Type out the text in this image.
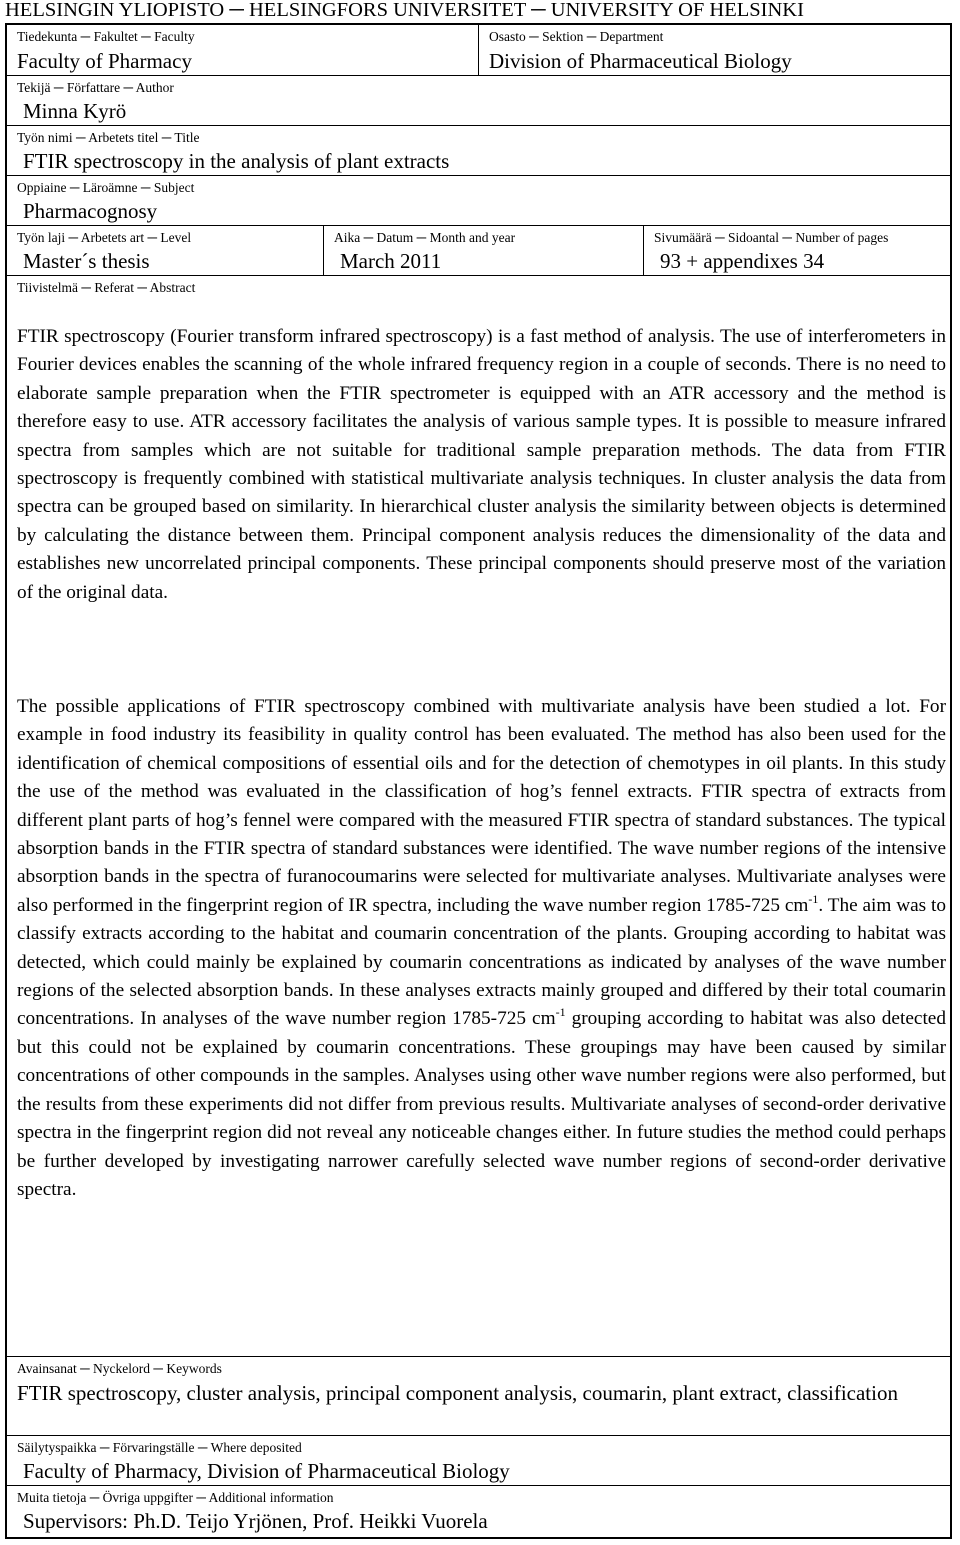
HELSINGIN YLIOPISTO ─ HELSINGFORS UNIVERSITET ─ UNIVERSITY OF HELSINKI
Tiedekunta ─ Fakultet ─ Faculty
Faculty of Pharmacy
Osasto ─ Sektion ─ Department
Division of Pharmaceutical Biology
Tekijä ─ Författare ─ Author
Minna Kyrö
Työn nimi ─ Arbetets titel ─ Title
FTIR spectroscopy in the analysis of plant extracts
Oppiaine ─ Läroämne ─ Subject
Pharmacognosy
Työn laji ─ Arbetets art ─ Level
Master´s thesis
Aika ─ Datum ─ Month and year
March 2011
Sivumäärä ─ Sidoantal ─ Number of pages
93 + appendixes 34
Tiivistelmä ─ Referat ─ Abstract

FTIR spectroscopy (Fourier transform infrared spectroscopy) is a fast method of analysis. The use of interferometers in Fourier devices enables the scanning of the whole infrared frequency region in a couple of seconds. There is no need to elaborate sample preparation when the FTIR spectrometer is equipped with an ATR accessory and the method is therefore easy to use. ATR accessory facilitates the analysis of various sample types. It is possible to measure infrared spectra from samples which are not suitable for traditional sample preparation methods. The data from FTIR spectroscopy is frequently combined with statistical multivariate analysis techniques. In cluster analysis the data from spectra can be grouped based on similarity. In hierarchical cluster analysis the similarity between objects is determined by calculating the distance between them. Principal component analysis reduces the dimensionality of the data and establishes new uncorrelated principal components. These principal components should preserve most of the variation of the original data.

The possible applications of FTIR spectroscopy combined with multivariate analysis have been studied a lot. For example in food industry its feasibility in quality control has been evaluated. The method has also been used for the identification of chemical compositions of essential oils and for the detection of chemotypes in oil plants. In this study the use of the method was evaluated in the classification of hog’s fennel extracts. FTIR spectra of extracts from different plant parts of hog’s fennel were compared with the measured FTIR spectra of standard substances. The typical absorption bands in the FTIR spectra of standard substances were identified. The wave number regions of the intensive absorption bands in the spectra of furanocoumarins were selected for multivariate analyses. Multivariate analyses were also performed in the fingerprint region of IR spectra, including the wave number region 1785-725 $cm^{-1}$. The aim was to classify extracts according to the habitat and coumarin concentration of the plants. Grouping according to habitat was detected, which could mainly be explained by coumarin concentrations as indicated by analyses of the wave number regions of the selected absorption bands. In these analyses extracts mainly grouped and differed by their total coumarin concentrations. In analyses of the wave number region 1785-725 $cm^{-1}$ grouping according to habitat was also detected but this could not be explained by coumarin concentrations. These groupings may have been caused by similar concentrations of other compounds in the samples. Analyses using other wave number regions were also performed, but the results from these experiments did not differ from previous results. Multivariate analyses of second-order derivative spectra in the fingerprint region did not reveal any noticeable changes either. In future studies the method could perhaps be further developed by investigating narrower carefully selected wave number regions of second-order derivative spectra.

Avainsanat ─ Nyckelord ─ Keywords
FTIR spectroscopy, cluster analysis, principal component analysis, coumarin, plant extract, classification
Säilytyspaikka ─ Förvaringställe ─ Where deposited
Faculty of Pharmacy, Division of Pharmaceutical Biology
Muita tietoja ─ Övriga uppgifter ─ Additional information
Supervisors: Ph.D. Teijo Yrjönen, Prof. Heikki Vuorela
